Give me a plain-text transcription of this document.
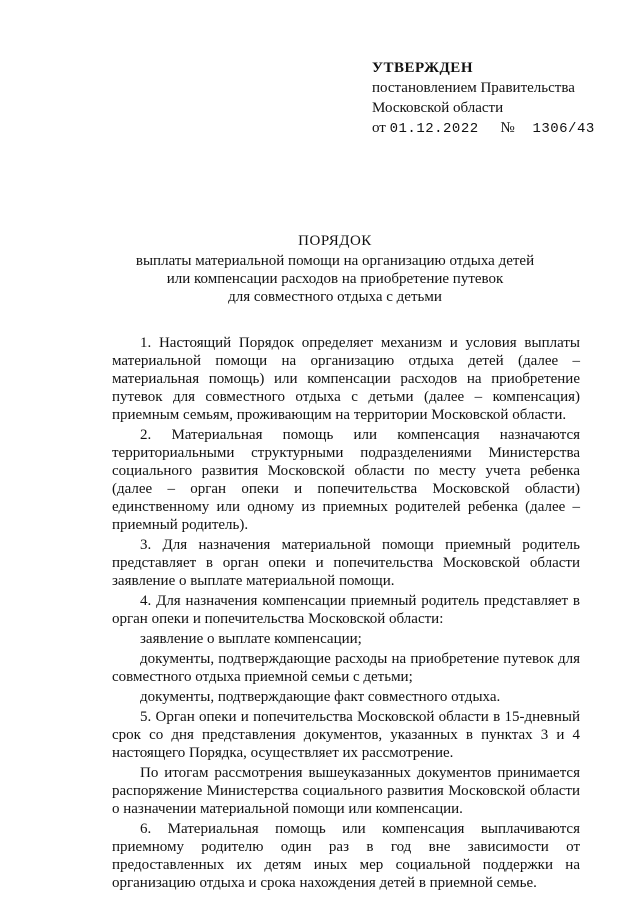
УТВЕРЖДЕН
постановлением Правительства
Московской области
от 01.12.2022 № 1306/43
ПОРЯДОК
выплаты материальной помощи на организацию отдыха детей
или компенсации расходов на приобретение путевок
для совместного отдыха с детьми

1. Настоящий Порядок определяет механизм и условия выплаты материальной помощи на организацию отдыха детей (далее – материальная помощь) или компенсации расходов на приобретение путевок для совместного отдыха с детьми (далее – компенсация) приемным семьям, проживающим на территории Московской области.

2. Материальная помощь или компенсация назначаются территориальными структурными подразделениями Министерства социального развития Московской области по месту учета ребенка (далее – орган опеки и попечительства Московской области) единственному или одному из приемных родителей ребенка (далее – приемный родитель).

3. Для назначения материальной помощи приемный родитель представляет в орган опеки и попечительства Московской области заявление о выплате материальной помощи.

4. Для назначения компенсации приемный родитель представляет в орган опеки и попечительства Московской области:

заявление о выплате компенсации;

документы, подтверждающие расходы на приобретение путевок для совместного отдыха приемной семьи с детьми;

документы, подтверждающие факт совместного отдыха.

5. Орган опеки и попечительства Московской области в 15-дневный срок со дня представления документов, указанных в пунктах 3 и 4 настоящего Порядка, осуществляет их рассмотрение.

По итогам рассмотрения вышеуказанных документов принимается распоряжение Министерства социального развития Московской области о назначении материальной помощи или компенсации.

6. Материальная помощь или компенсация выплачиваются приемному родителю один раз в год вне зависимости от предоставленных их детям иных мер социальной поддержки на организацию отдыха и срока нахождения детей в приемной семье.
